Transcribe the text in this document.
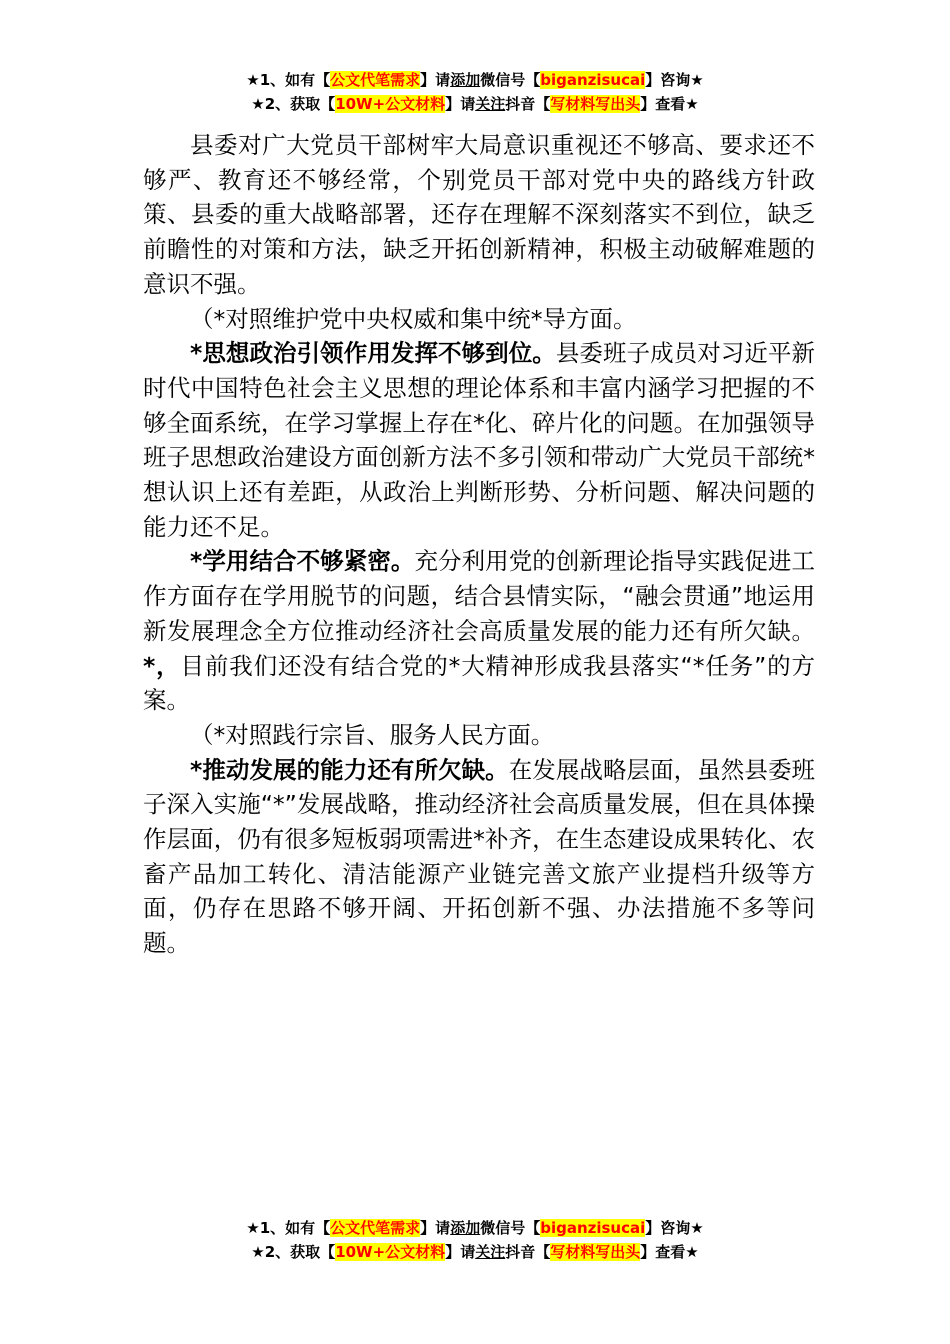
★1、如有【公文代笔需求】请添加微信号【biganzisucai】咨询★
★2、获取【10W+公文材料】请关注抖音【写材料写出头】查看★

县委对广大党员干部树牢大局意识重视还不够高、要求还不够严、教育还不够经常，个别党员干部对党中央的路线方针政策、县委的重大战略部署，还存在理解不深刻落实不到位，缺乏前瞻性的对策和方法，缺乏开拓创新精神，积极主动破解难题的意识不强。

（*对照维护党中央权威和集中统*导方面。

*思想政治引领作用发挥不够到位。县委班子成员对习近平新时代中国特色社会主义思想的理论体系和丰富内涵学习把握的不够全面系统，在学习掌握上存在*化、碎片化的问题。在加强领导班子思想政治建设方面创新方法不多引领和带动广大党员干部统*想认识上还有差距，从政治上判断形势、分析问题、解决问题的能力还不足。

*学用结合不够紧密。充分利用党的创新理论指导实践促进工作方面存在学用脱节的问题，结合县情实际，“融会贯通”地运用新发展理念全方位推动经济社会高质量发展的能力还有所欠缺。*，目前我们还没有结合党的*大精神形成我县落实“*任务”的方案。

（*对照践行宗旨、服务人民方面。

*推动发展的能力还有所欠缺。在发展战略层面，虽然县委班子深入实施“*”发展战略，推动经济社会高质量发展，但在具体操作层面，仍有很多短板弱项需进*补齐，在生态建设成果转化、农畜产品加工转化、清洁能源产业链完善文旅产业提档升级等方面，仍存在思路不够开阔、开拓创新不强、办法措施不多等问题。

★1、如有【公文代笔需求】请添加微信号【biganzisucai】咨询★
★2、获取【10W+公文材料】请关注抖音【写材料写出头】查看★
